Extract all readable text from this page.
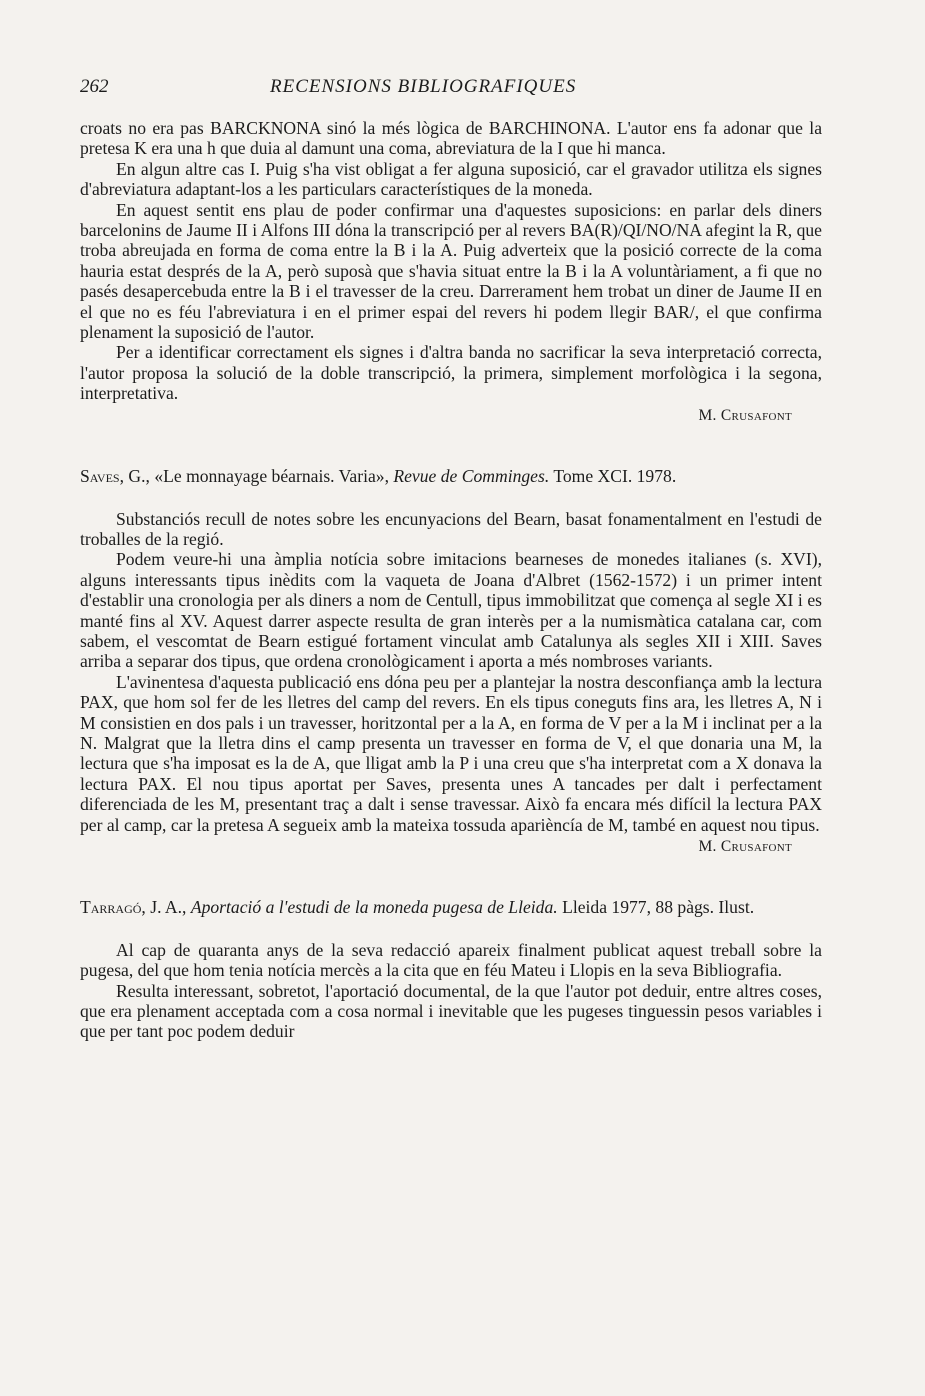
262	RECENSIONS BIBLIOGRAFIQUES

croats no era pas BARCKNONA sinó la més lògica de BARCHINONA. L'autor ens fa adonar que la pretesa K era una h que duia al damunt una coma, abreviatura de la I que hi manca.

En algun altre cas I. Puig s'ha vist obligat a fer alguna suposició, car el gravador utilitza els signes d'abreviatura adaptant-los a les particulars característiques de la moneda.

En aquest sentit ens plau de poder confirmar una d'aquestes suposicions: en parlar dels diners barcelonins de Jaume II i Alfons III dóna la transcripció per al revers BA(R)/QI/NO/NA afegint la R, que troba abreujada en forma de coma entre la B i la A. Puig adverteix que la posició correcte de la coma hauria estat després de la A, però suposà que s'havia situat entre la B i la A voluntàriament, a fi que no pasés desapercebuda entre la B i el travesser de la creu. Darrerament hem trobat un diner de Jaume II en el que no es féu l'abreviatura i en el primer espai del revers hi podem llegir BAR/, el que confirma plenament la suposició de l'autor.

Per a identificar correctament els signes i d'altra banda no sacrificar la seva interpretació correcta, l'autor proposa la solució de la doble transcripció, la primera, simplement morfològica i la segona, interpretativa.

M. Crusafont

Saves, G., «Le monnayage béarnais. Varia», Revue de Comminges. Tome XCI. 1978.

Substanciós recull de notes sobre les encunyacions del Bearn, basat fonamentalment en l'estudi de troballes de la regió.

Podem veure-hi una àmplia notícia sobre imitacions bearneses de monedes italianes (s. XVI), alguns interessants tipus inèdits com la vaqueta de Joana d'Albret (1562-1572) i un primer intent d'establir una cronologia per als diners a nom de Centull, tipus immobilitzat que comença al segle XI i es manté fins al XV. Aquest darrer aspecte resulta de gran interès per a la numismàtica catalana car, com sabem, el vescomtat de Bearn estigué fortament vinculat amb Catalunya als segles XII i XIII. Saves arriba a separar dos tipus, que ordena cronològicament i aporta a més nombroses variants.

L'avinentesa d'aquesta publicació ens dóna peu per a plantejar la nostra desconfiança amb la lectura PAX, que hom sol fer de les lletres del camp del revers. En els tipus coneguts fins ara, les lletres A, N i M consistien en dos pals i un travesser, horitzontal per a la A, en forma de V per a la M i inclinat per a la N. Malgrat que la lletra dins el camp presenta un travesser en forma de V, el que donaria una M, la lectura que s'ha imposat es la de A, que lligat amb la P i una creu que s'ha interpretat com a X donava la lectura PAX. El nou tipus aportat per Saves, presenta unes A tancades per dalt i perfectament diferenciada de les M, presentant traç a dalt i sense travessar. Això fa encara més difícil la lectura PAX per al camp, car la pretesa A segueix amb la mateixa tossuda aparièncía de M, també en aquest nou tipus.

M. Crusafont

Tarragó, J. A., Aportació a l'estudi de la moneda pugesa de Lleida. Lleida 1977, 88 pàgs. Ilust.

Al cap de quaranta anys de la seva redacció apareix finalment publicat aquest treball sobre la pugesa, del que hom tenia notícia mercès a la cita que en féu Mateu i Llopis en la seva Bibliografia.

Resulta interessant, sobretot, l'aportació documental, de la que l'autor pot deduir, entre altres coses, que era plenament acceptada com a cosa normal i inevitable que les pugeses tinguessin pesos variables i que per tant poc podem deduir
